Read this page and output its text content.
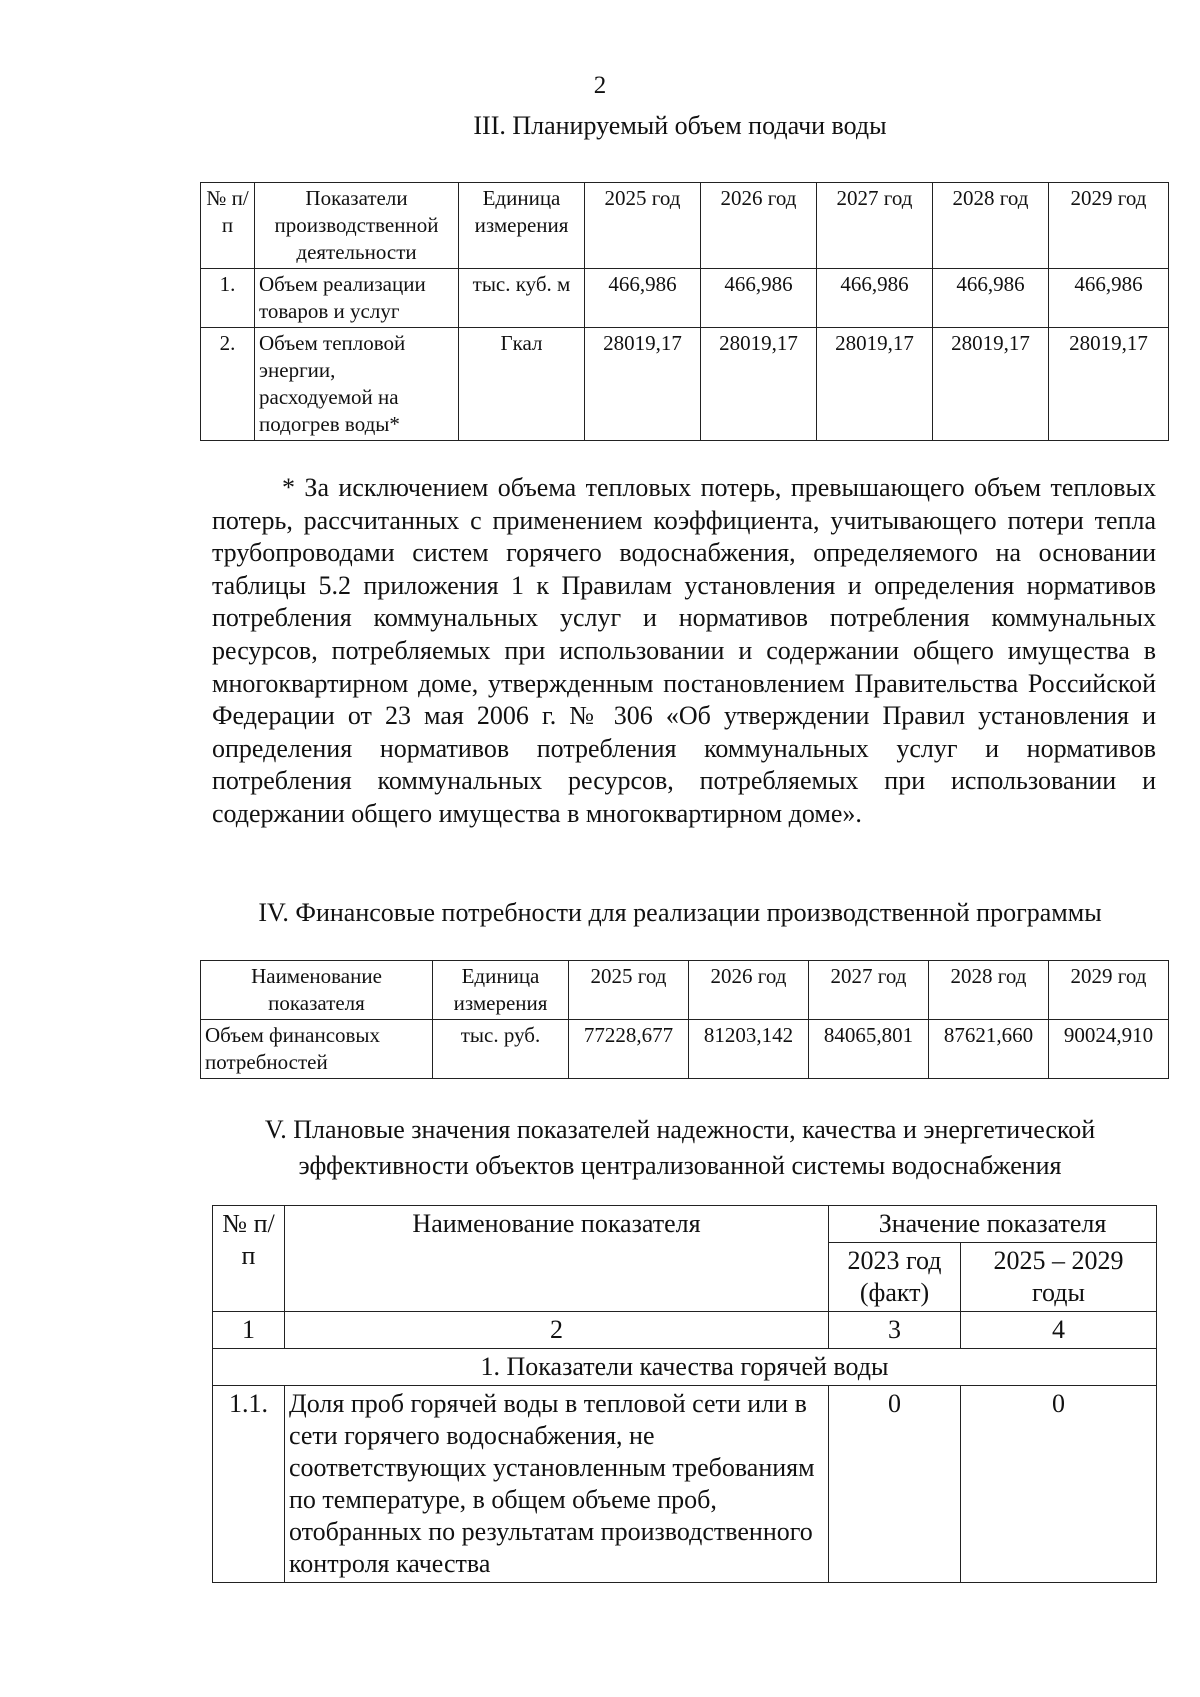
2
III. Планируемый объем подачи воды
№ п/п	Показатели производственной деятельности	Единица измерения	2025 год	2026 год	2027 год	2028 год	2029 год
1.	Объем реализации товаров и услуг	тыс. куб. м	466,986	466,986	466,986	466,986	466,986
2.	Объем тепловой энергии, расходуемой на подогрев воды*	Гкал	28019,17	28019,17	28019,17	28019,17	28019,17
* За исключением объема тепловых потерь, превышающего объем тепловых потерь, рассчитанных с применением коэффициента, учитывающего потери тепла трубопроводами систем горячего водоснабжения, определяемого на основании таблицы 5.2 приложения 1 к Правилам установления и определения нормативов потребления коммунальных услуг и нормативов потребления коммунальных ресурсов, потребляемых при использовании и содержании общего имущества в многоквартирном доме, утвержденным постановлением Правительства Российской Федерации от 23 мая 2006 г. № 306 «Об утверждении Правил установления и определения нормативов потребления коммунальных услуг и нормативов потребления коммунальных ресурсов, потребляемых при использовании и содержании общего имущества в многоквартирном доме».
IV. Финансовые потребности для реализации производственной программы
Наименование показателя	Единица измерения	2025 год	2026 год	2027 год	2028 год	2029 год
Объем финансовых потребностей	тыс. руб.	77228,677	81203,142	84065,801	87621,660	90024,910
V. Плановые значения показателей надежности, качества и энергетической эффективности объектов централизованной системы водоснабжения
№ п/п	Наименование показателя	Значение показателя	
		2023 год (факт)	2025 – 2029 годы
1	2	3	4
1. Показатели качества горячей воды			
1.1.	Доля проб горячей воды в тепловой сети или в сети горячего водоснабжения, не соответствующих установленным требованиям по температуре, в общем объеме проб, отобранных по результатам производственного контроля качества	0	0
